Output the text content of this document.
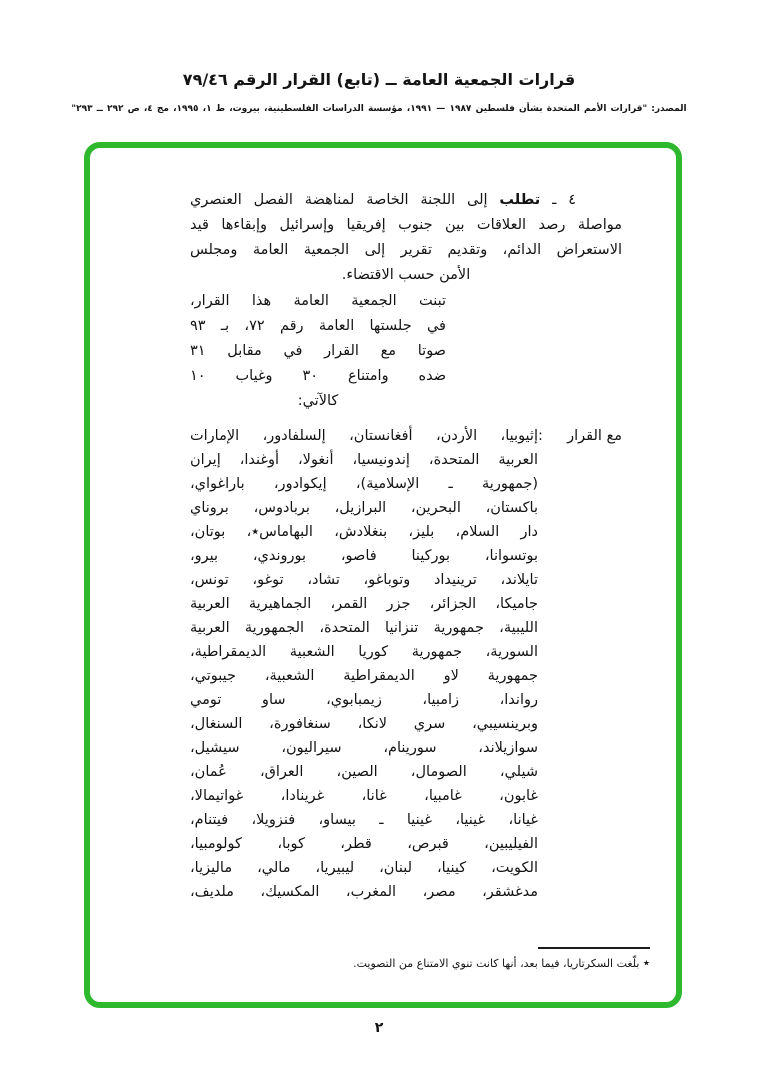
قرارات الجمعية العامة ــ (تابع) القرار الرقم ٧٩/٤٦
المصدر: "قرارات الأمم المتحدة بشأن فلسطين ١٩٨٧ — ١٩٩١، مؤسسة الدراسات الفلسطينية، بيروت، ط ١، ١٩٩٥، مج ٤، ص ٢٩٢ ــ ٢٩٣"
٤ ـ تطلب إلى اللجنة الخاصة لمناهضة الفصل العنصري
مواصلة رصد العلاقات بين جنوب إفريقيا وإسرائيل وإبقاءها قيد
الاستعراض الدائم، وتقديم تقرير إلى الجمعية العامة ومجلس
الأمن حسب الاقتضاء.
تبنت الجمعية العامة هذا القرار،
في جلستها العامة رقم ٧٢، بـ ٩٣
صوتا مع القرار في مقابل ٣١
ضده وامتناع ٣٠ وغياب ١٠
كالآتي:
مع القرار
:
إثيوبيا، الأردن، أفغانستان، إلسلفادور، الإمارات
العربية المتحدة، إندونيسيا، أنغولا، أوغندا، إيران
(جمهورية ـ الإسلامية)، إيكوادور، باراغواي،
باكستان، البحرين، البرازيل، بربادوس، بروناي
دار السلام، بليز، بنغلادش، البهاماس٭، بوتان،
بوتسوانا، بوركينا فاصو، بوروندي، بيرو،
تايلاند، ترينيداد وتوباغو، تشاد، توغو، تونس،
جاميكا، الجزائر، جزر القمر، الجماهيرية العربية
الليبية، جمهورية تنزانيا المتحدة، الجمهورية العربية
السورية، جمهورية كوريا الشعبية الديمقراطية،
جمهورية لاو الديمقراطية الشعبية، جيبوتي،
رواندا، زامبيا، زيمبابوي، ساو تومي
وبرينسيبي، سري لانكا، سنغافورة، السنغال،
سوازيلاند، سورينام، سيراليون، سيشيل،
شيلي، الصومال، الصين، العراق، عُمان،
غابون، غامبيا، غانا، غرينادا، غواتيمالا،
غيانا، غينيا، غينيا ـ بيساو، فنزويلا، فيتنام،
الفيليبين، قبرص، قطر، كوبا، كولومبيا،
الكويت، كينيا، لبنان، ليبيريا، مالي، ماليزيا،
مدغشقر، مصر، المغرب، المكسيك، ملديف،
٭ بلّغت السكرتاريا، فيما بعد، أنها كانت تنوي الامتناع من التصويت.
٢
